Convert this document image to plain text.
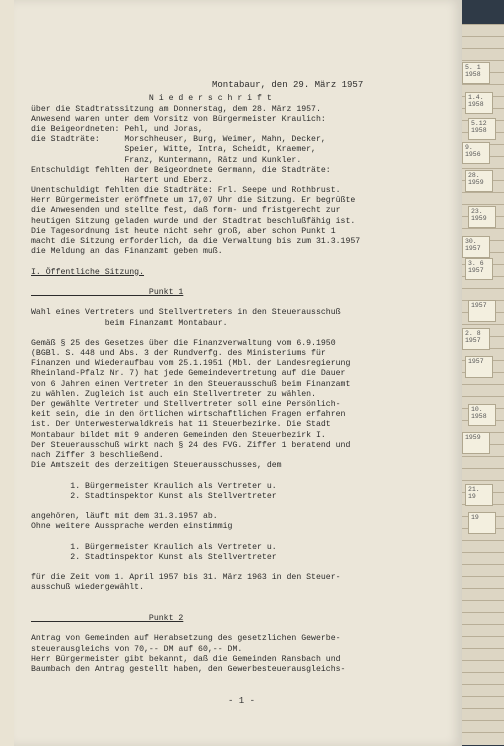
Montabaur, den 29. März 1957
N i e d e r s c h r i f t
über die Stadtratssitzung am Donnerstag, dem 28. März 1957.
Anwesend waren unter dem Vorsitz von Bürgermeister Kraulich:
die Beigeordneten: Pehl, und Joras,
die Stadträte:     Morschheuser, Burg, Weimer, Mahn, Decker,
Speier, Witte, Intra, Scheidt, Kraemer,
Franz, Kuntermann, Rätz und Kunkler.
Entschuldigt fehlten der Beigeordnete Germann, die Stadträte:
Hartert und Eberz.
Unentschuldigt fehlten die Stadträte: Frl. Seepe und Rothbrust.
Herr Bürgermeister eröffnete um 17,07 Uhr die Sitzung. Er begrüßte
die Anwesenden und stellte fest, daß form- und fristgerecht zur
heutigen Sitzung geladen wurde und der Stadtrat beschlußfähig ist.
Die Tagesordnung ist heute nicht sehr groß, aber schon Punkt 1
macht die Sitzung erforderlich, da die Verwaltung bis zum 31.3.1957
die Meldung an das Finanzamt geben muß.
I. Öffentliche Sitzung.
Punkt 1
Wahl eines Vertreters und Stellvertreters in den Steuerausschuß
beim Finanzamt Montabaur.
Gemäß § 25 des Gesetzes über die Finanzverwaltung vom 6.9.1950
(BGBl. S. 448 und Abs. 3 der Rundverfg. des Ministeriums für
Finanzen und Wiederaufbau vom 25.1.1951 (Mbl. der Landesregierung
Rheinland-Pfalz Nr. 7) hat jede Gemeindevertretung auf die Dauer
von 6 Jahren einen Vertreter in den Steuerausschuß beim Finanzamt
zu wählen. Zugleich ist auch ein Stellvertreter zu wählen.
Der gewählte Vertreter und Stellvertreter soll eine Persönlich-
keit sein, die in den örtlichen wirtschaftlichen Fragen erfahren
ist. Der Unterwesterwaldkreis hat 11 Steuerbezirke. Die Stadt
Montabaur bildet mit 9 anderen Gemeinden den Steuerbezirk I.
Der Steuerausschuß wirkt nach § 24 des FVG. Ziffer 1 beratend und
nach Ziffer 3 beschließend.
Die Amtszeit des derzeitigen Steuerausschusses, dem
1. Bürgermeister Kraulich als Vertreter u.
2. Stadtinspektor Kunst als Stellvertreter
angehören, läuft mit dem 31.3.1957 ab.
Ohne weitere Aussprache werden einstimmig
1. Bürgermeister Kraulich als Vertreter u.
2. Stadtinspektor Kunst als Stellvertreter
für die Zeit vom 1. April 1957 bis 31. März 1963 in den Steuer-
ausschuß wiedergewählt.
Punkt 2
Antrag von Gemeinden auf Herabsetzung des gesetzlichen Gewerbe-
steuerausgleichs von 70,-- DM auf 60,-- DM.
Herr Bürgermeister gibt bekannt, daß die Gemeinden Ransbach und
Baumbach den Antrag gestellt haben, den Gewerbesteuerausgleichs-
- 1 -
5. 1
1958
1.4.
1958
5.12
1958
9.
1956
28.
1959
23.
1959
30.
1957
3. 6
1957
1957
2. 8
1957
1957
10.
1958
1959
21.
19
19
